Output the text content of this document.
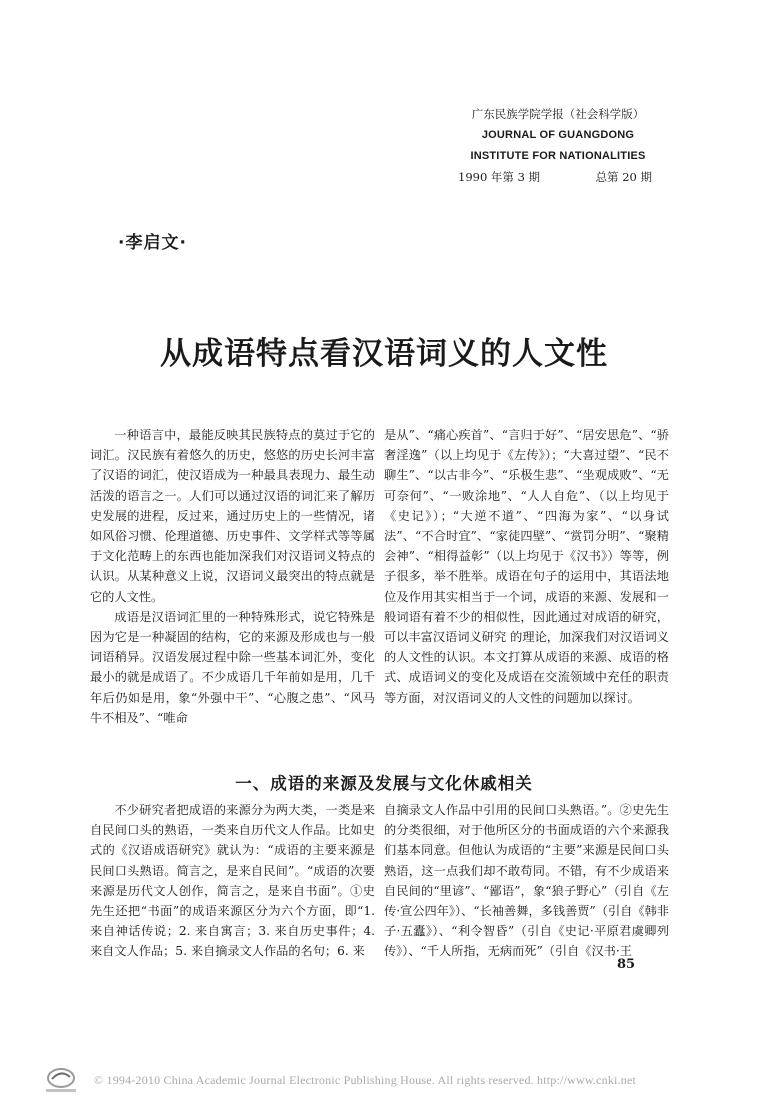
广东民族学院学报（社会科学版）
JOURNAL OF GUANGDONG
INSTITUTE FOR NATIONALITIES
1990 年第 3 期	总第 20 期
·李启文·
从成语特点看汉语词义的人文性

一种语言中，最能反映其民族特点的莫过于它的词汇。汉民族有着悠久的历史，悠悠的历史长河丰富了汉语的词汇，使汉语成为一种最具表现力、最生动活泼的语言之一。人们可以通过汉语的词汇来了解历史发展的进程，反过来，通过历史上的一些情况，诸如风俗习惯、伦理道德、历史事件、文学样式等等属于文化范畴上的东西也能加深我们对汉语词义特点的认识。从某种意义上说，汉语词义最突出的特点就是它的人文性。

成语是汉语词汇里的一种特殊形式，说它特殊是因为它是一种凝固的结构，它的来源及形成也与一般词语稍异。汉语发展过程中除一些基本词汇外，变化最小的就是成语了。不少成语几千年前如是用，几千年后仍如是用，象“外强中干”、“心腹之患”、“风马牛不相及”、“唯命

是从”、“痛心疾首”、“言归于好”、“居安思危”、“骄奢淫逸”（以上均见于《左传》）；“大喜过望”、“民不聊生”、“以古非今”、“乐极生悲”、“坐观成败”、“无可奈何”、“一败涂地”、“人人自危”、（以上均见于《史记》）；“大逆不道”、“四海为家”、“以身试法”、“不合时宜”、“家徒四壁”、“赏罚分明”、“聚精会神”、“相得益彰”（以上均见于《汉书》）等等，例子很多，举不胜举。成语在句子的运用中，其语法地位及作用其实相当于一个词，成语的来源、发展和一般词语有着不少的相似性，因此通过对成语的研究，可以丰富汉语词义研究 的理论，加深我们对汉语词义的人文性的认识。本文打算从成语的来源、成语的格式、成语词义的变化及成语在交流领域中充任的职责等方面，对汉语词义的人文性的问题加以探讨。

一、成语的来源及发展与文化休戚相关

不少研究者把成语的来源分为两大类，一类是来自民间口头的熟语，一类来自历代文人作品。比如史式的《汉语成语研究》就认为：“成语的主要来源是民间口头熟语。简言之，是来自民间”。“成语的次要来源是历代文人创作，简言之，是来自书面”。①史先生还把“书面”的成语来源区分为六个方面，即“1. 来自神话传说；2. 来自寓言；3. 来自历史事件；4. 来自文人作品；5. 来自摘录文人作品的名句；6. 来

自摘录文人作品中引用的民间口头熟语。”。②史先生的分类很细，对于他所区分的书面成语的六个来源我们基本同意。但他认为成语的“主要”来源是民间口头熟语，这一点我们却不敢苟同。不错，有不少成语来自民间的“里谚”、“鄙语”，象“狼子野心”（引自《左传·宣公四年》）、“长袖善舞，多钱善贾”（引自《韩非子·五蠹》）、“利令智昏”（引自《史记·平原君虞卿列传》）、“千人所指，无病而死”（引自《汉书·王

85
© 1994-2010 China Academic Journal Electronic Publishing House. All rights reserved. http://www.cnki.net
